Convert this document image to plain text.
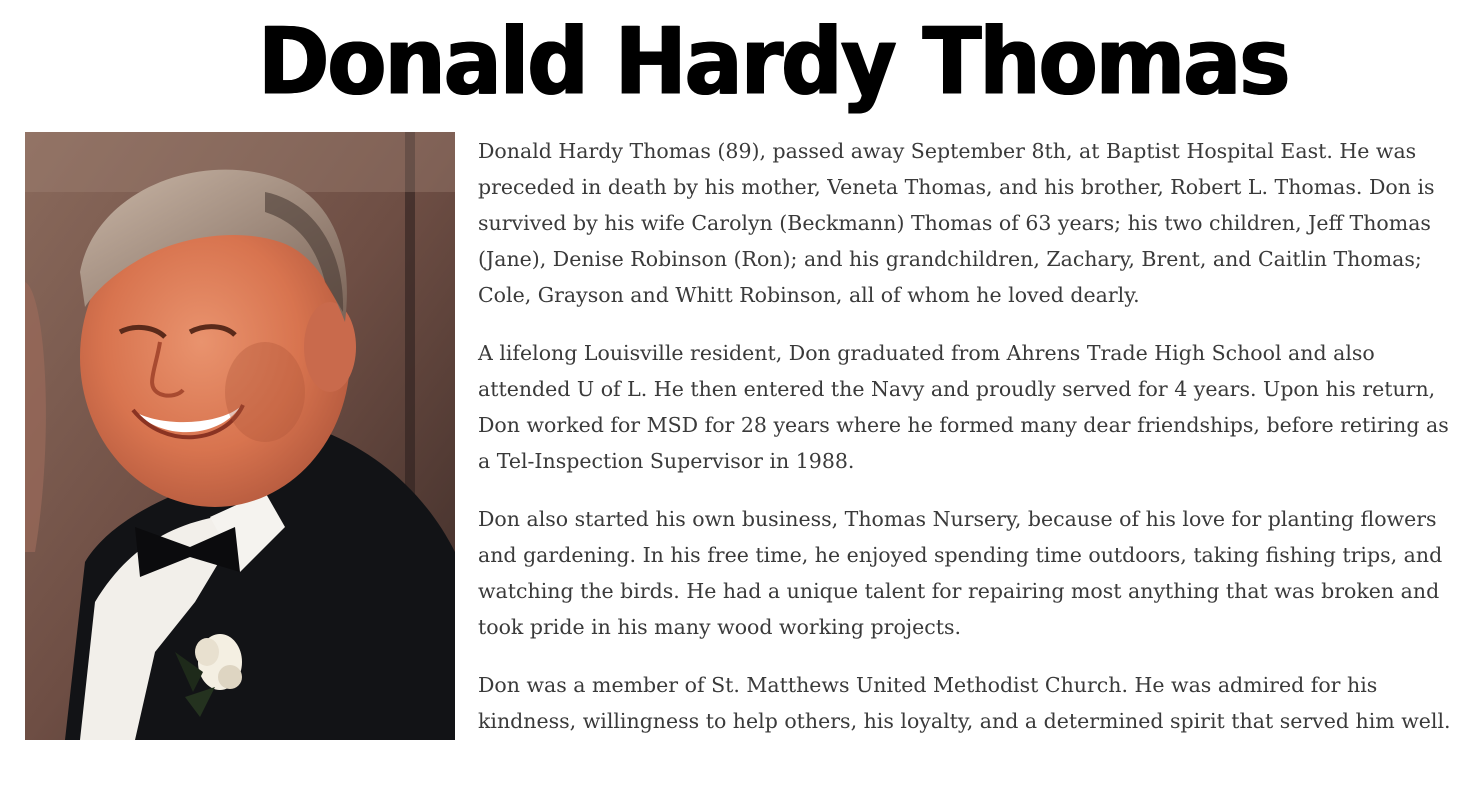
Donald Hardy Thomas

Donald Hardy Thomas (89), passed away September 8th, at Baptist Hospital East. He was preceded in death by his mother, Veneta Thomas, and his brother, Robert L. Thomas. Don is survived by his wife Carolyn (Beckmann) Thomas of 63 years; his two children, Jeff Thomas (Jane), Denise Robinson (Ron); and his grandchildren, Zachary, Brent, and Caitlin Thomas; Cole, Grayson and Whitt Robinson, all of whom he loved dearly.

A lifelong Louisville resident, Don graduated from Ahrens Trade High School and also attended U of L. He then entered the Navy and proudly served for 4 years. Upon his return, Don worked for MSD for 28 years where he formed many dear friendships, before retiring as a Tel-Inspection Supervisor in 1988.

Don also started his own business, Thomas Nursery, because of his love for planting flowers and gardening. In his free time, he enjoyed spending time outdoors, taking fishing trips, and watching the birds. He had a unique talent for repairing most anything that was broken and took pride in his many wood working projects.

Don was a member of St. Matthews United Methodist Church. He was admired for his kindness, willingness to help others, his loyalty, and a determined spirit that served him well.
